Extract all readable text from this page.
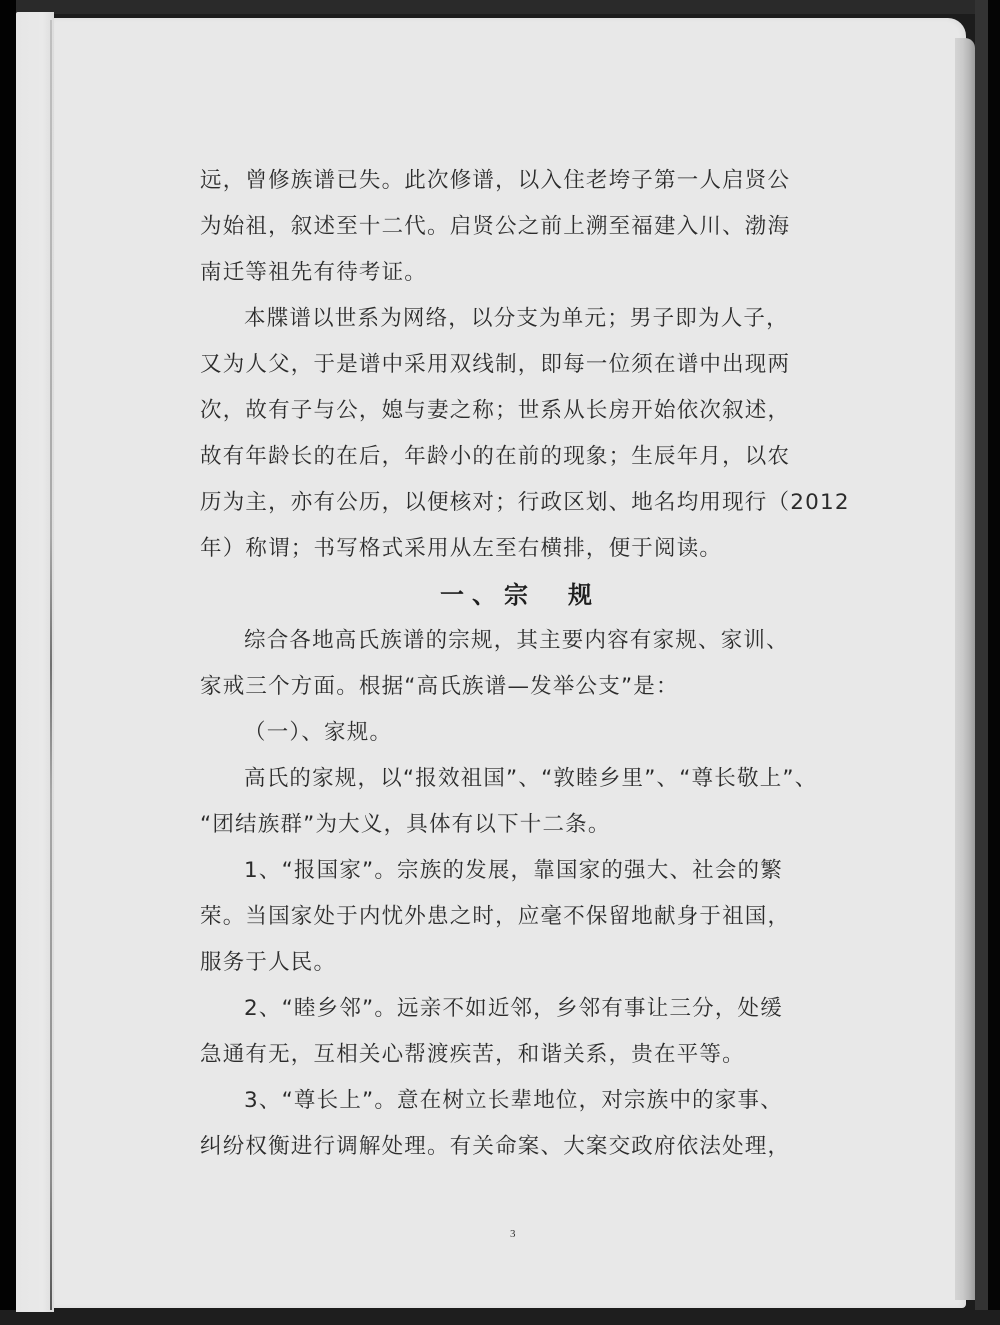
远，曾修族谱已失。此次修谱，以入住老垮子第一人启贤公
为始祖，叙述至十二代。启贤公之前上溯至福建入川、渤海
南迁等祖先有待考证。
本牒谱以世系为网络，以分支为单元；男子即为人子，
又为人父，于是谱中采用双线制，即每一位须在谱中出现两
次，故有子与公，媳与妻之称；世系从长房开始依次叙述，
故有年龄长的在后，年龄小的在前的现象；生辰年月，以农
历为主，亦有公历，以便核对；行政区划、地名均用现行（2012
年）称谓；书写格式采用从左至右横排，便于阅读。
一、宗　规
综合各地高氏族谱的宗规，其主要内容有家规、家训、
家戒三个方面。根据“高氏族谱—发举公支”是：
（一）、家规。
高氏的家规，以“报效祖国”、“敦睦乡里”、“尊长敬上”、
“团结族群”为大义，具体有以下十二条。
1、“报国家”。宗族的发展，靠国家的强大、社会的繁
荣。当国家处于内忧外患之时，应毫不保留地献身于祖国，
服务于人民。
2、“睦乡邻”。远亲不如近邻，乡邻有事让三分，处缓
急通有无，互相关心帮渡疾苦，和谐关系，贵在平等。
3、“尊长上”。意在树立长辈地位，对宗族中的家事、
纠纷权衡进行调解处理。有关命案、大案交政府依法处理，
3
